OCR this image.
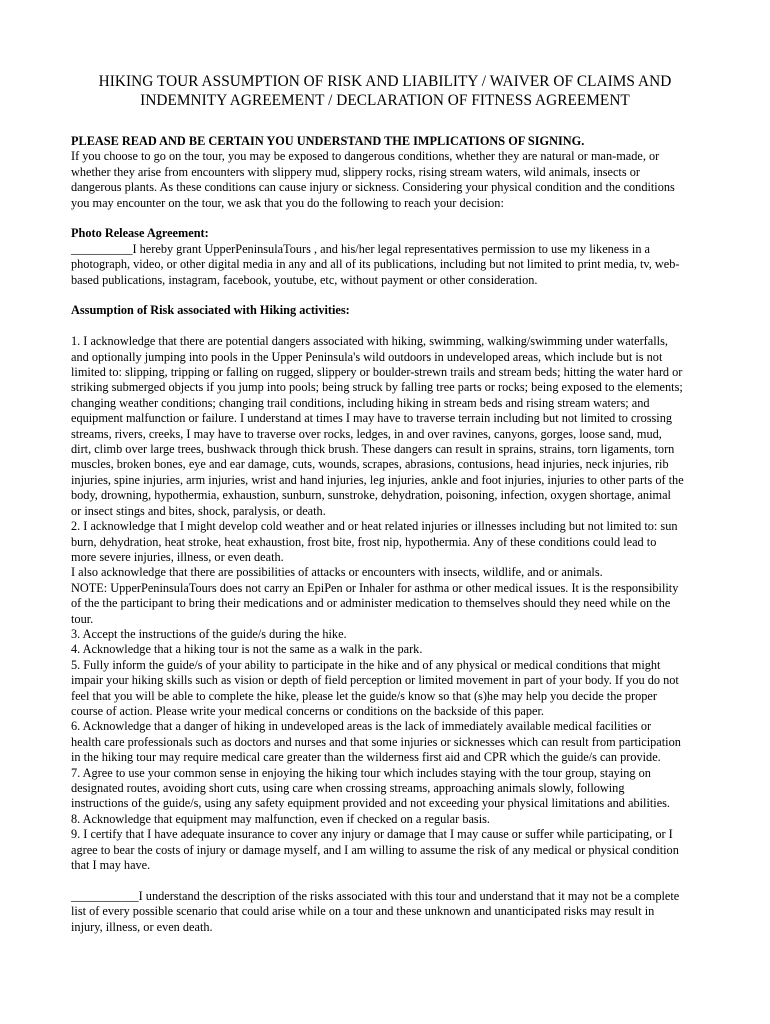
HIKING TOUR ASSUMPTION OF RISK AND LIABILITY / WAIVER OF CLAIMS AND
INDEMNITY AGREEMENT / DECLARATION OF FITNESS AGREEMENT
PLEASE READ AND BE CERTAIN YOU UNDERSTAND THE IMPLICATIONS OF SIGNING.
If you choose to go on the tour, you may be exposed to dangerous conditions, whether they are natural or man-made, or
whether they arise from encounters with slippery mud, slippery rocks, rising stream waters, wild animals, insects or
dangerous plants. As these conditions can cause injury or sickness. Considering your physical condition and the conditions
you may encounter on the tour, we ask that you do the following to reach your decision:
Photo Release Agreement:
__________I hereby grant UpperPeninsulaTours , and his/her legal representatives permission to use my likeness in a
photograph, video, or other digital media in any and all of its publications, including but not limited to print media, tv, web-
based publications, instagram, facebook, youtube, etc, without payment or other consideration.
Assumption of Risk associated with Hiking activities:
1. I acknowledge that there are potential dangers associated with hiking, swimming, walking/swimming under waterfalls,
and optionally jumping into pools in the Upper Peninsula's wild outdoors in undeveloped areas, which include but is not
limited to: slipping, tripping or falling on rugged, slippery or boulder-strewn trails and stream beds; hitting the water hard or
striking submerged objects if you jump into pools; being struck by falling tree parts or rocks; being exposed to the elements;
changing weather conditions; changing trail conditions, including hiking in stream beds and rising stream waters; and
equipment malfunction or failure. I understand at times I may have to traverse terrain including but not limited to crossing
streams, rivers, creeks, I may have to traverse over rocks, ledges, in and over ravines, canyons, gorges, loose sand, mud,
dirt, climb over large trees, bushwack through thick brush. These dangers can result in sprains, strains, torn ligaments, torn
muscles, broken bones, eye and ear damage, cuts, wounds, scrapes, abrasions, contusions, head injuries, neck injuries, rib
injuries, spine injuries, arm injuries, wrist and hand injuries, leg injuries, ankle and foot injuries, injuries to other parts of the
body, drowning, hypothermia, exhaustion, sunburn, sunstroke, dehydration, poisoning, infection, oxygen shortage, animal
or insect stings and bites, shock, paralysis, or death.
2. I acknowledge that I might develop cold weather and or heat related injuries or illnesses including but not limited to: sun
burn, dehydration, heat stroke, heat exhaustion, frost bite, frost nip, hypothermia. Any of these conditions could lead to
more severe injuries, illness, or even death.
I also acknowledge that there are possibilities of attacks or encounters with insects, wildlife, and or animals.
NOTE: UpperPeninsulaTours does not carry an EpiPen or Inhaler for asthma or other medical issues. It is the responsibility
of the the participant to bring their medications and or administer medication to themselves should they need while on the
tour.
3. Accept the instructions of the guide/s during the hike.
4. Acknowledge that a hiking tour is not the same as a walk in the park.
5. Fully inform the guide/s of your ability to participate in the hike and of any physical or medical conditions that might
impair your hiking skills such as vision or depth of field perception or limited movement in part of your body. If you do not
feel that you will be able to complete the hike, please let the guide/s know so that (s)he may help you decide the proper
course of action. Please write your medical concerns or conditions on the backside of this paper.
6. Acknowledge that a danger of hiking in undeveloped areas is the lack of immediately available medical facilities or
health care professionals such as doctors and nurses and that some injuries or sicknesses which can result from participation
in the hiking tour may require medical care greater than the wilderness first aid and CPR which the guide/s can provide.
7. Agree to use your common sense in enjoying the hiking tour which includes staying with the tour group, staying on
designated routes, avoiding short cuts, using care when crossing streams, approaching animals slowly, following
instructions of the guide/s, using any safety equipment provided and not exceeding your physical limitations and abilities.
8. Acknowledge that equipment may malfunction, even if checked on a regular basis.
9. I certify that I have adequate insurance to cover any injury or damage that I may cause or suffer while participating, or I
agree to bear the costs of injury or damage myself, and I am willing to assume the risk of any medical or physical condition
that I may have.
___________I understand the description of the risks associated with this tour and understand that it may not be a complete
list of every possible scenario that could arise while on a tour and these unknown and unanticipated risks may result in
injury, illness, or even death.
